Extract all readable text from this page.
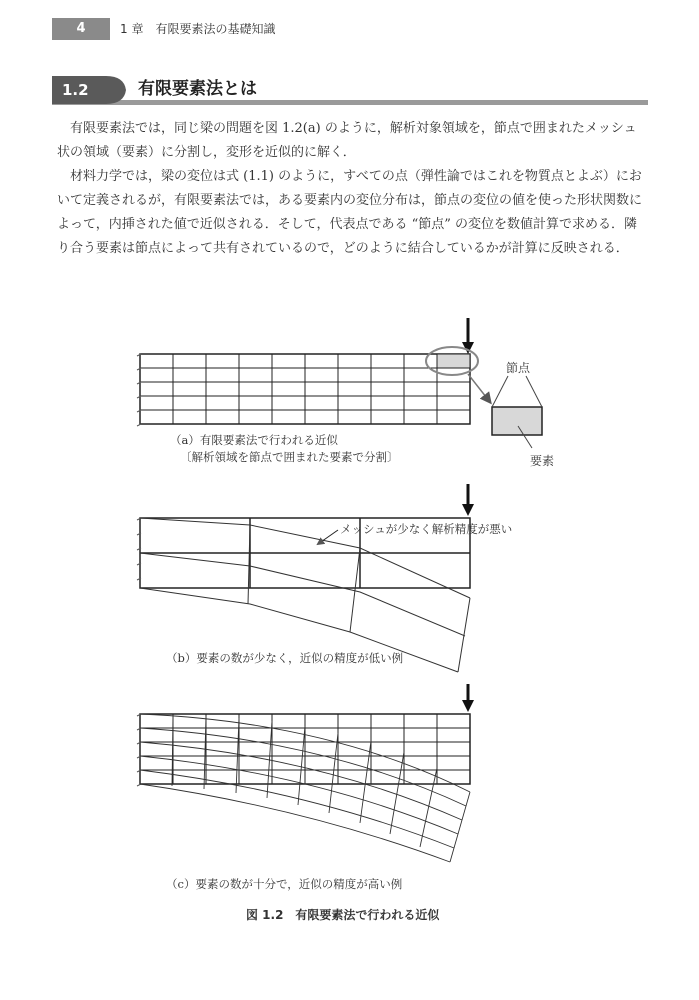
4	1 章　有限要素法の基礎知識
1.2	有限要素法とは

有限要素法では，同じ梁の問題を図 1.2(a) のように，解析対象領域を，節点で囲まれたメッシュ状の領域（要素）に分割し，変形を近似的に解く．

材料力学では，梁の変位は式 (1.1) のように，すべての点（弾性論ではこれを物質点とよぶ）において定義されるが，有限要素法では，ある要素内の変位分布は，節点の変位の値を使った形状関数によって，内挿された値で近似される．そして，代表点である “節点” の変位を数値計算で求める．隣り合う要素は節点によって共有されているので，どのように結合しているかが計算に反映される．

節点
要素
（a）有限要素法で行われる近似
〔解析領域を節点で囲まれた要素で分割〕
メッシュが少なく解析精度が悪い
（b）要素の数が少なく，近似の精度が低い例
（c）要素の数が十分で，近似の精度が高い例
図 1.2　有限要素法で行われる近似
